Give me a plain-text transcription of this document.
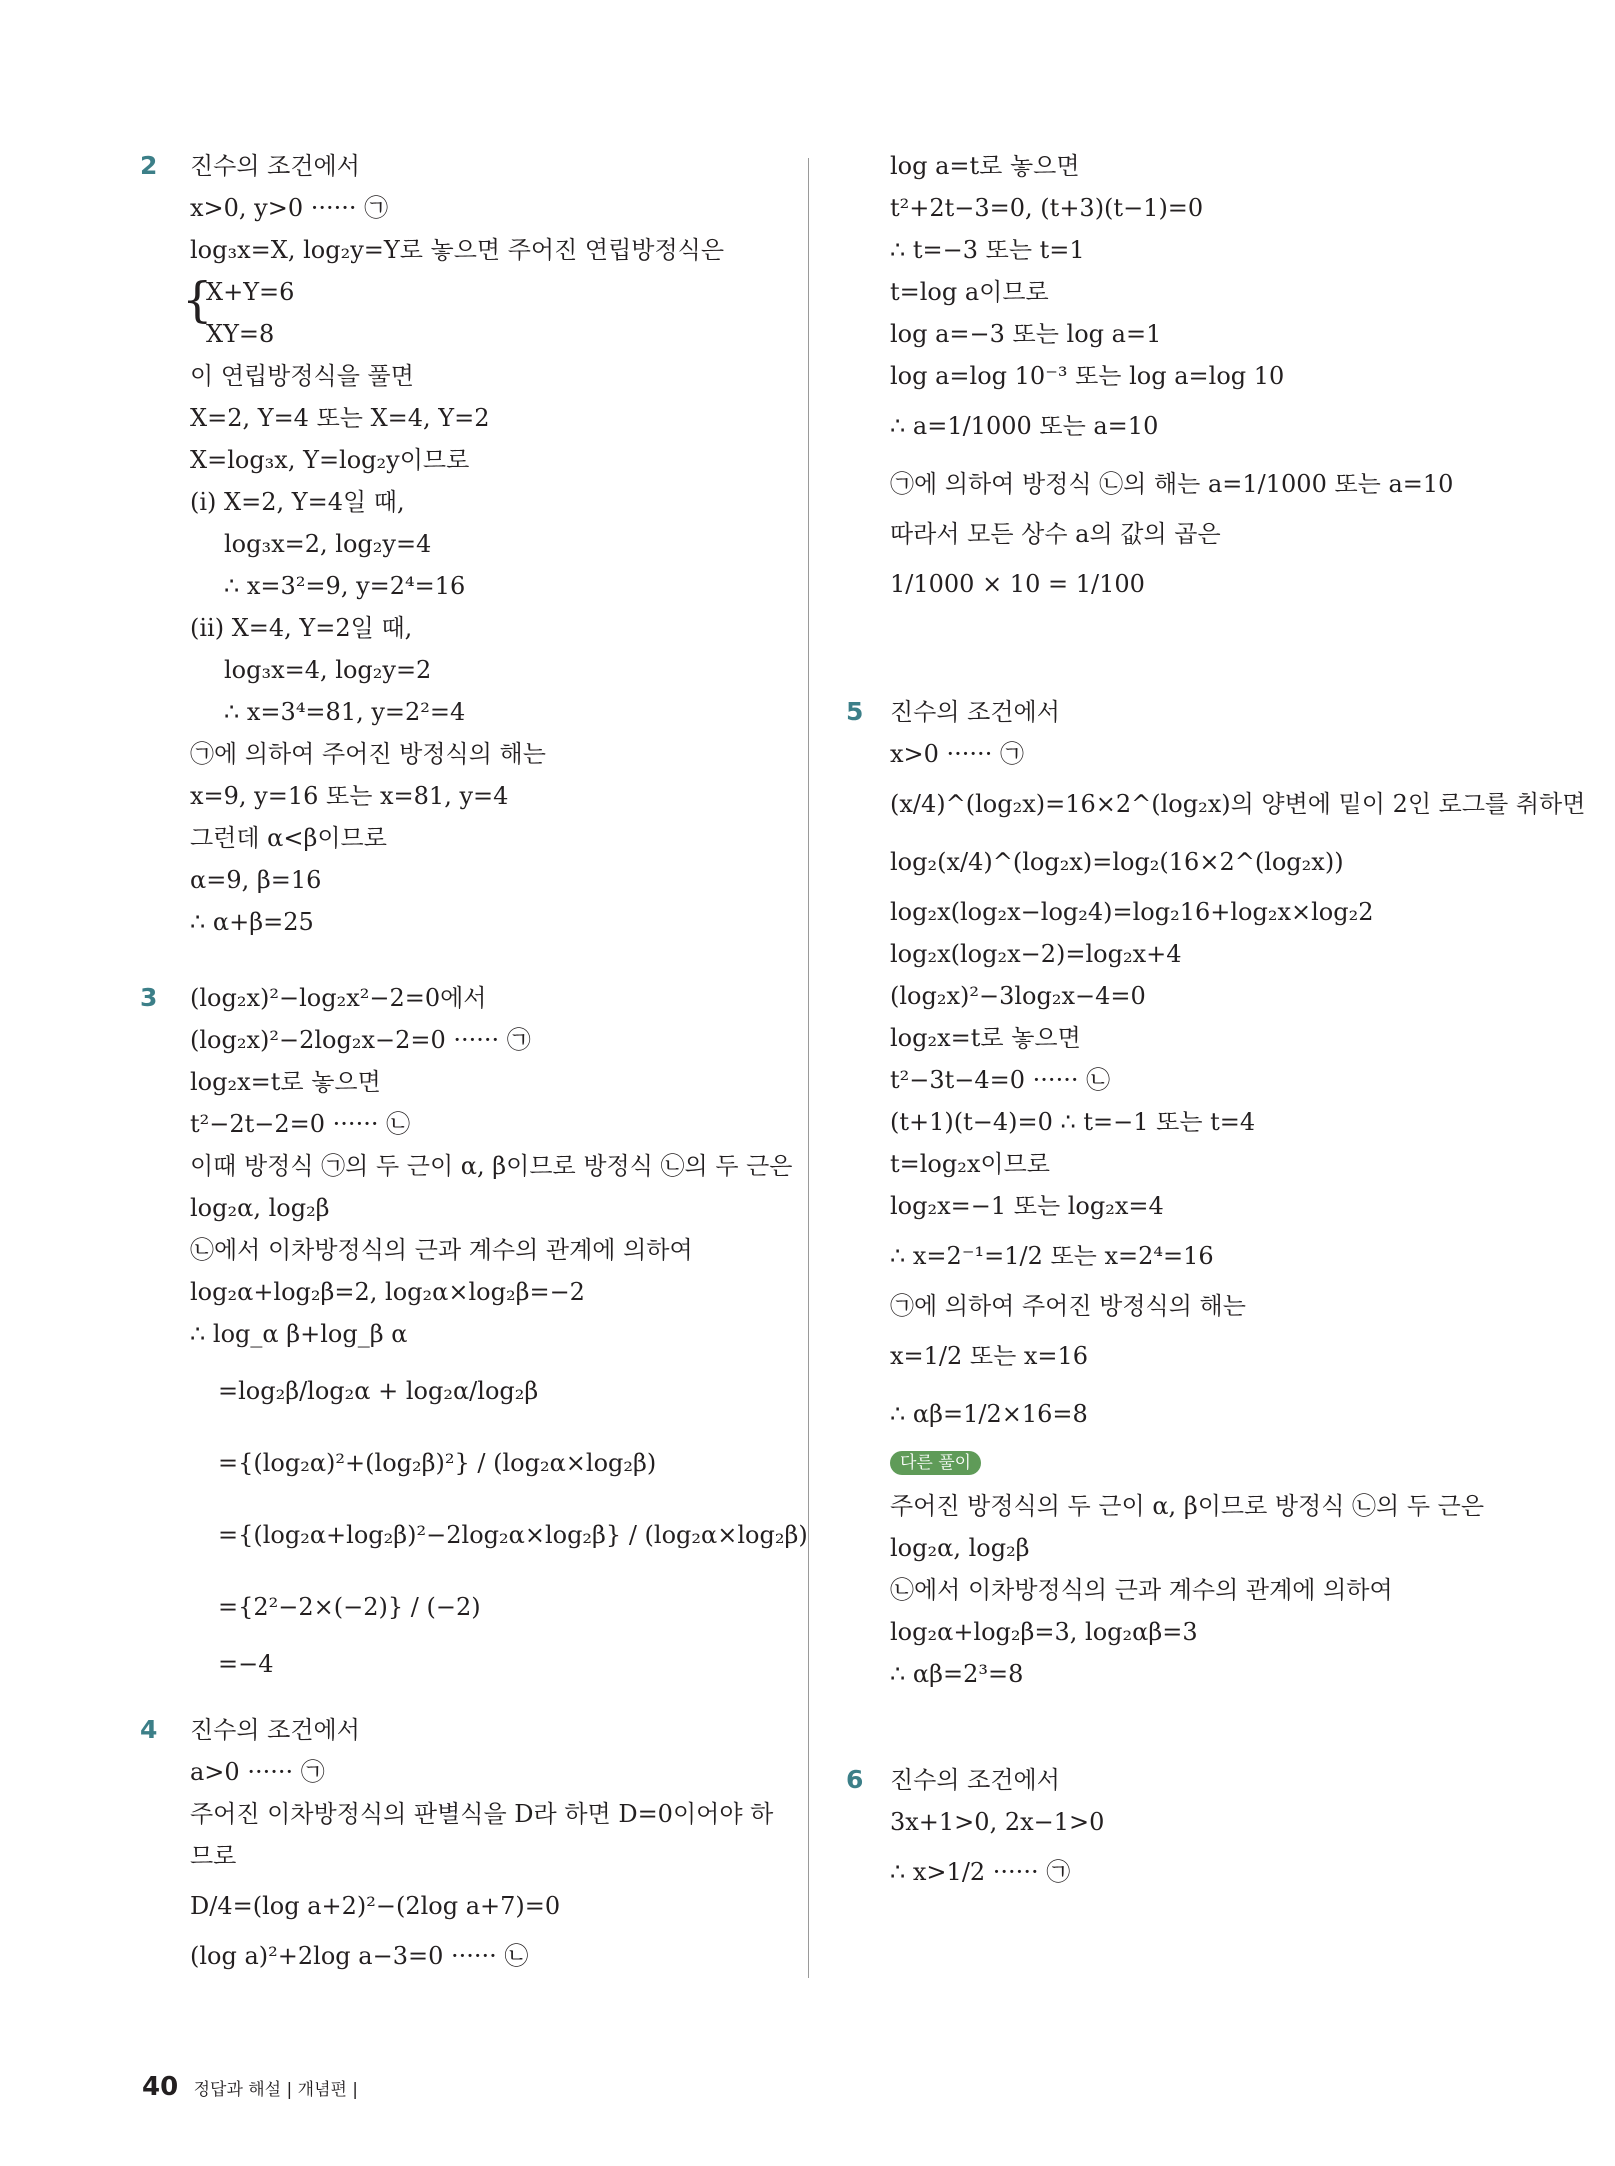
2	진수의 조건에서
x>0, y>0 ······ ㉠
log₃x=X, log₂y=Y로 놓으면 주어진 연립방정식은
{
X+Y=6
XY=8
이 연립방정식을 풀면
X=2, Y=4 또는 X=4, Y=2
X=log₃x, Y=log₂y이므로
(ⅰ) X=2, Y=4일 때,
log₃x=2, log₂y=4
∴ x=3²=9, y=2⁴=16
(ⅱ) X=4, Y=2일 때,
log₃x=4, log₂y=2
∴ x=3⁴=81, y=2²=4
㉠에 의하여 주어진 방정식의 해는
x=9, y=16 또는 x=81, y=4
그런데 α<β이므로
α=9, β=16
∴ α+β=25
3	(log₂x)²−log₂x²−2=0에서
(log₂x)²−2log₂x−2=0 ······ ㉠
log₂x=t로 놓으면
t²−2t−2=0 ······ ㉡
이때 방정식 ㉠의 두 근이 α, β이므로 방정식 ㉡의 두 근은
log₂α, log₂β
㉡에서 이차방정식의 근과 계수의 관계에 의하여
log₂α+log₂β=2, log₂α×log₂β=−2
∴ log_α β+log_β α
=log₂β/log₂α + log₂α/log₂β
={(log₂α)²+(log₂β)²} / (log₂α×log₂β)
={(log₂α+log₂β)²−2log₂α×log₂β} / (log₂α×log₂β)
={2²−2×(−2)} / (−2)
=−4
4	진수의 조건에서
a>0 ······ ㉠
주어진 이차방정식의 판별식을 D라 하면 D=0이어야 하
므로
D/4=(log a+2)²−(2log a+7)=0
(log a)²+2log a−3=0 ······ ㉡
log a=t로 놓으면
t²+2t−3=0, (t+3)(t−1)=0
∴ t=−3 또는 t=1
t=log a이므로
log a=−3 또는 log a=1
log a=log 10⁻³ 또는 log a=log 10
∴ a=1/1000 또는 a=10
㉠에 의하여 방정식 ㉡의 해는 a=1/1000 또는 a=10
따라서 모든 상수 a의 값의 곱은
1/1000 × 10 = 1/100
5	진수의 조건에서
x>0 ······ ㉠
(x/4)^(log₂x)=16×2^(log₂x)의 양변에 밑이 2인 로그를 취하면
log₂(x/4)^(log₂x)=log₂(16×2^(log₂x))
log₂x(log₂x−log₂4)=log₂16+log₂x×log₂2
log₂x(log₂x−2)=log₂x+4
(log₂x)²−3log₂x−4=0
log₂x=t로 놓으면
t²−3t−4=0 ······ ㉡
(t+1)(t−4)=0 ∴ t=−1 또는 t=4
t=log₂x이므로
log₂x=−1 또는 log₂x=4
∴ x=2⁻¹=1/2 또는 x=2⁴=16
㉠에 의하여 주어진 방정식의 해는
x=1/2 또는 x=16
∴ αβ=1/2×16=8
다른 풀이
주어진 방정식의 두 근이 α, β이므로 방정식 ㉡의 두 근은
log₂α, log₂β
㉡에서 이차방정식의 근과 계수의 관계에 의하여
log₂α+log₂β=3, log₂αβ=3
∴ αβ=2³=8
6	진수의 조건에서
3x+1>0, 2x−1>0
∴ x>1/2 ······ ㉠
40 정답과 해설 | 개념편 |
